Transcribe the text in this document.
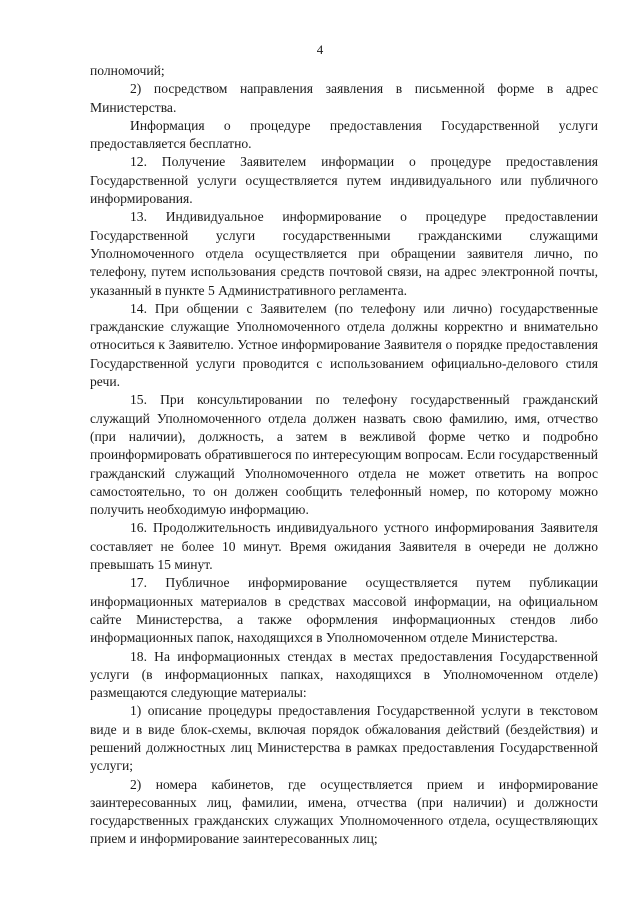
4

полномочий;

2) посредством направления заявления в письменной форме в адрес Министерства.

Информация о процедуре предоставления Государственной услуги предоставляется бесплатно.

12. Получение Заявителем информации о процедуре предоставления Государственной услуги осуществляется путем индивидуального или публичного информирования.

13. Индивидуальное информирование о процедуре предоставлении Государственной услуги государственными гражданскими служащими Уполномоченного отдела осуществляется при обращении заявителя лично, по телефону, путем использования средств почтовой связи, на адрес электронной почты, указанный в пункте 5 Административного регламента.

14. При общении с Заявителем (по телефону или лично) государственные гражданские служащие Уполномоченного отдела должны корректно и внимательно относиться к Заявителю. Устное информирование Заявителя о порядке предоставления Государственной услуги проводится с использованием официально-делового стиля речи.

15. При консультировании по телефону государственный гражданский служащий Уполномоченного отдела должен назвать свою фамилию, имя, отчество (при наличии), должность, а затем в вежливой форме четко и подробно проинформировать обратившегося по интересующим вопросам. Если государственный гражданский служащий Уполномоченного отдела не может ответить на вопрос самостоятельно, то он должен сообщить телефонный номер, по которому можно получить необходимую информацию.

16. Продолжительность индивидуального устного информирования Заявителя составляет не более 10 минут. Время ожидания Заявителя в очереди не должно превышать 15 минут.

17. Публичное информирование осуществляется путем публикации информационных материалов в средствах массовой информации, на официальном сайте Министерства, а также оформления информационных стендов либо информационных папок, находящихся в Уполномоченном отделе Министерства.

18. На информационных стендах в местах предоставления Государственной услуги (в информационных папках, находящихся в Уполномоченном отделе) размещаются следующие материалы:

1) описание процедуры предоставления Государственной услуги в текстовом виде и в виде блок-схемы, включая порядок обжалования действий (бездействия) и решений должностных лиц Министерства в рамках предоставления Государственной услуги;

2) номера кабинетов, где осуществляется прием и информирование заинтересованных лиц, фамилии, имена, отчества (при наличии) и должности государственных гражданских служащих Уполномоченного отдела, осуществляющих прием и информирование заинтересованных лиц;
